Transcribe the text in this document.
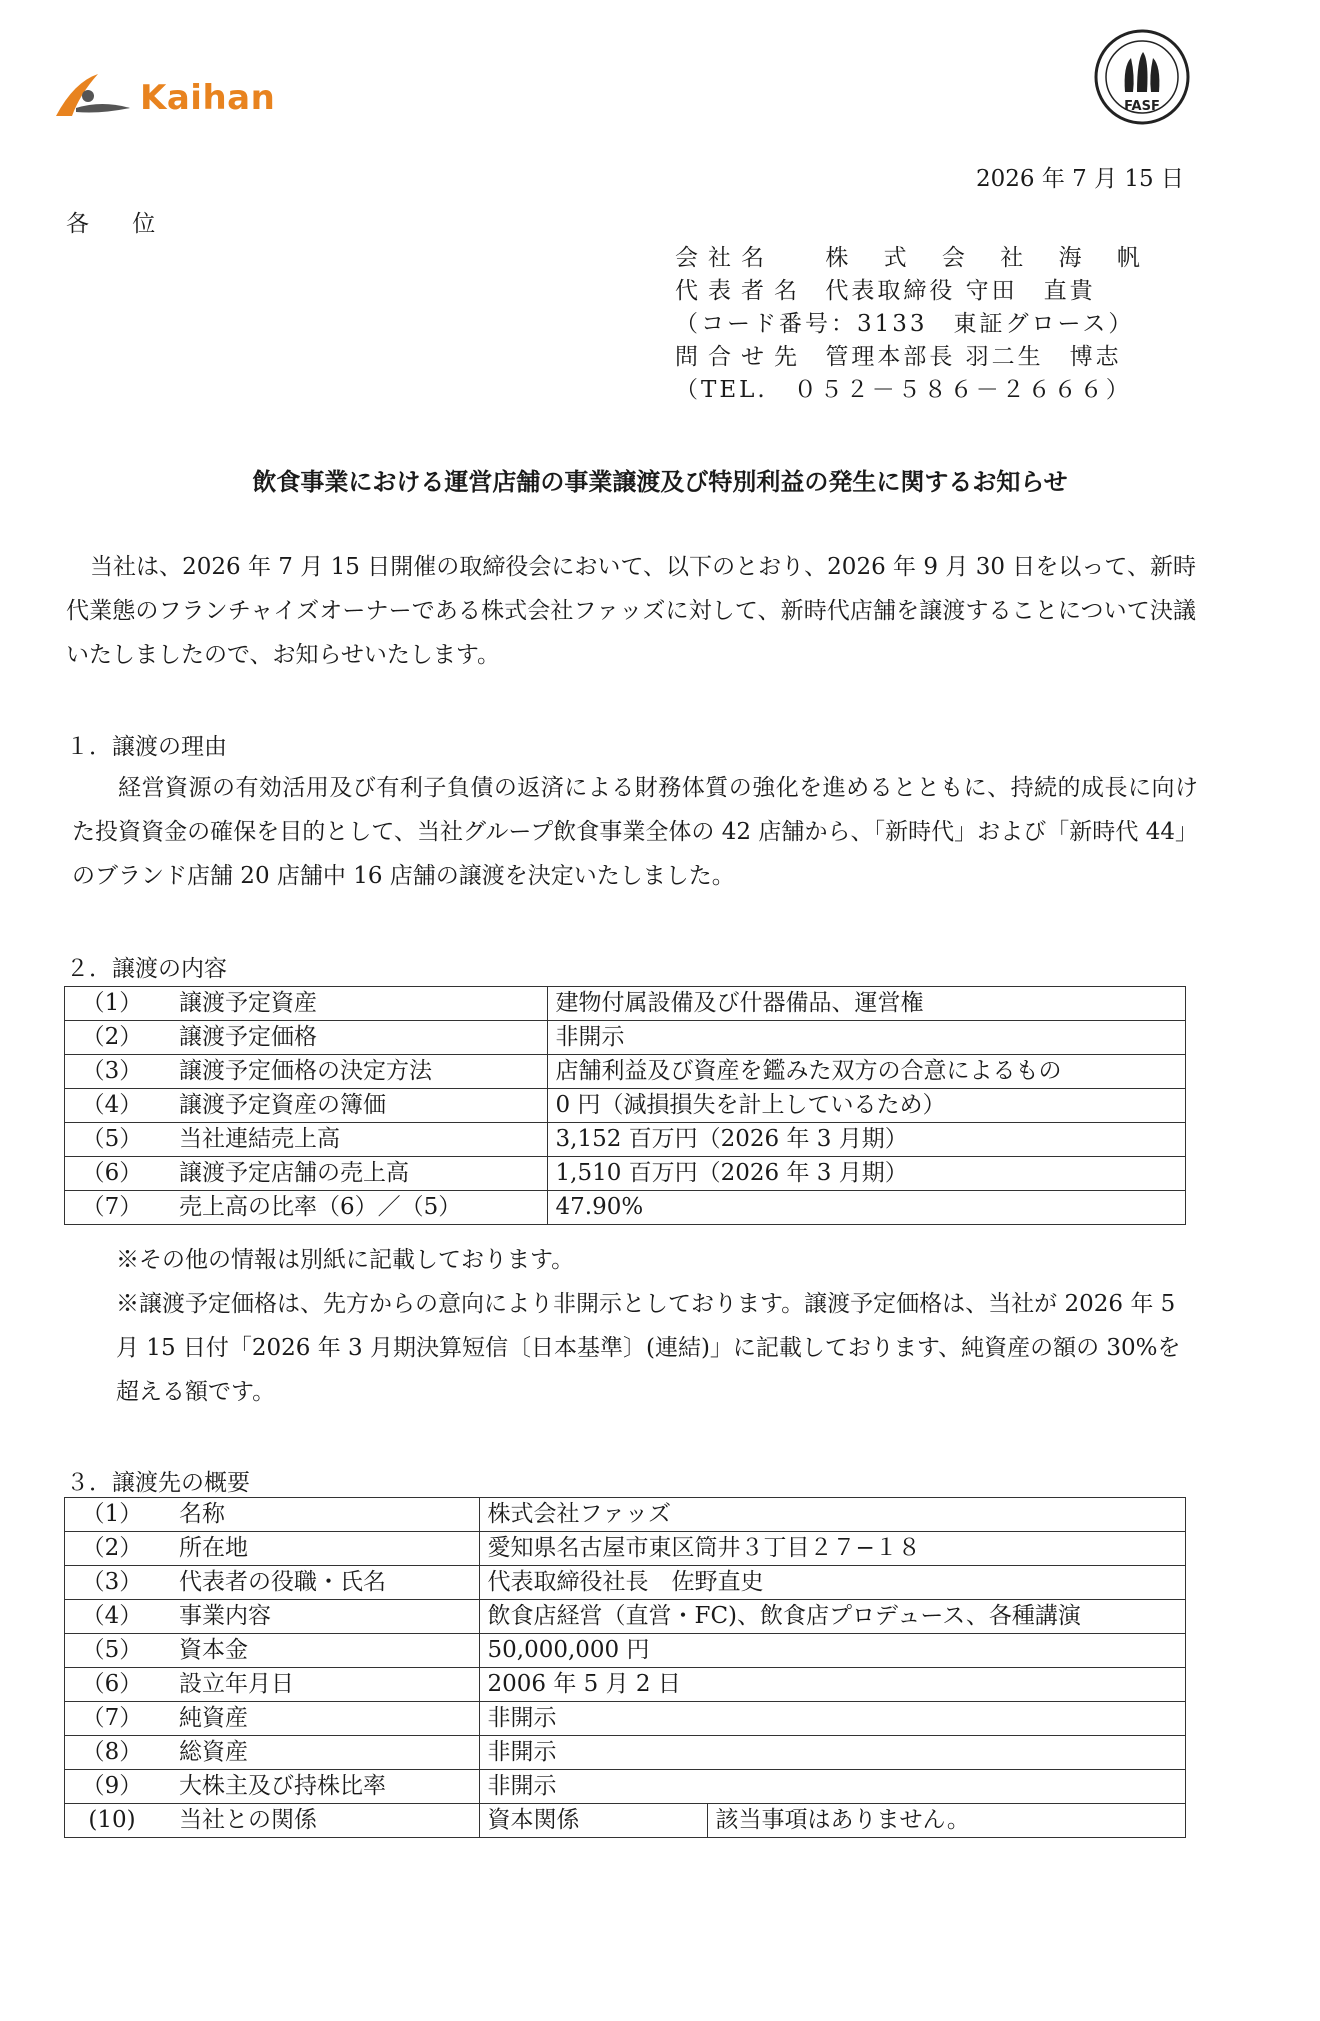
Kaihan	FASF
2026 年 7 月 15 日
各 位
会社名 株 式 会 社 海 帆
代表者名 代表取締役 守田　直貴
（コード番号：3133　東証グロース）
問合せ先 管理本部長 羽二生　博志
（TEL.　０５２－５８６－２６６６）
飲食事業における運営店舗の事業譲渡及び特別利益の発生に関するお知らせ
当社は、2026 年 7 月 15 日開催の取締役会において、以下のとおり、2026 年 9 月 30 日を以って、新時代業態のフランチャイズオーナーである株式会社ファッズに対して、新時代店舗を譲渡することについて決議いたしましたので、お知らせいたします。
１．譲渡の理由
経営資源の有効活用及び有利子負債の返済による財務体質の強化を進めるとともに、持続的成長に向けた投資資金の確保を目的として、当社グループ飲食事業全体の 42 店舗から、「新時代」および「新時代 44」のブランド店舗 20 店舗中 16 店舗の譲渡を決定いたしました。
２．譲渡の内容
（1）	譲渡予定資産	建物付属設備及び什器備品、運営権
（2）	譲渡予定価格	非開示
（3）	譲渡予定価格の決定方法	店舗利益及び資産を鑑みた双方の合意によるもの
（4）	譲渡予定資産の簿価	0 円（減損損失を計上しているため）
（5）	当社連結売上高	3,152 百万円（2026 年 3 月期）
（6）	譲渡予定店舗の売上高	1,510 百万円（2026 年 3 月期）
（7）	売上高の比率（6）／（5）	47.90%
※その他の情報は別紙に記載しております。
※譲渡予定価格は、先方からの意向により非開示としております。譲渡予定価格は、当社が 2026 年 5 月 15 日付「2026 年 3 月期決算短信〔日本基準〕(連結)」に記載しております、純資産の額の 30%を超える額です。
３．譲渡先の概要
（1）	名称	株式会社ファッズ	
（2）	所在地	愛知県名古屋市東区筒井３丁目２７−１８	
（3）	代表者の役職・氏名	代表取締役社長　佐野直史	
（4）	事業内容	飲食店経営（直営・FC)、飲食店プロデュース、各種講演	
（5）	資本金	50,000,000 円	
（6）	設立年月日	2006 年 5 月 2 日	
（7）	純資産	非開示	
（8）	総資産	非開示	
（9）	大株主及び持株比率	非開示	
(10)	当社との関係	資本関係	該当事項はありません。
